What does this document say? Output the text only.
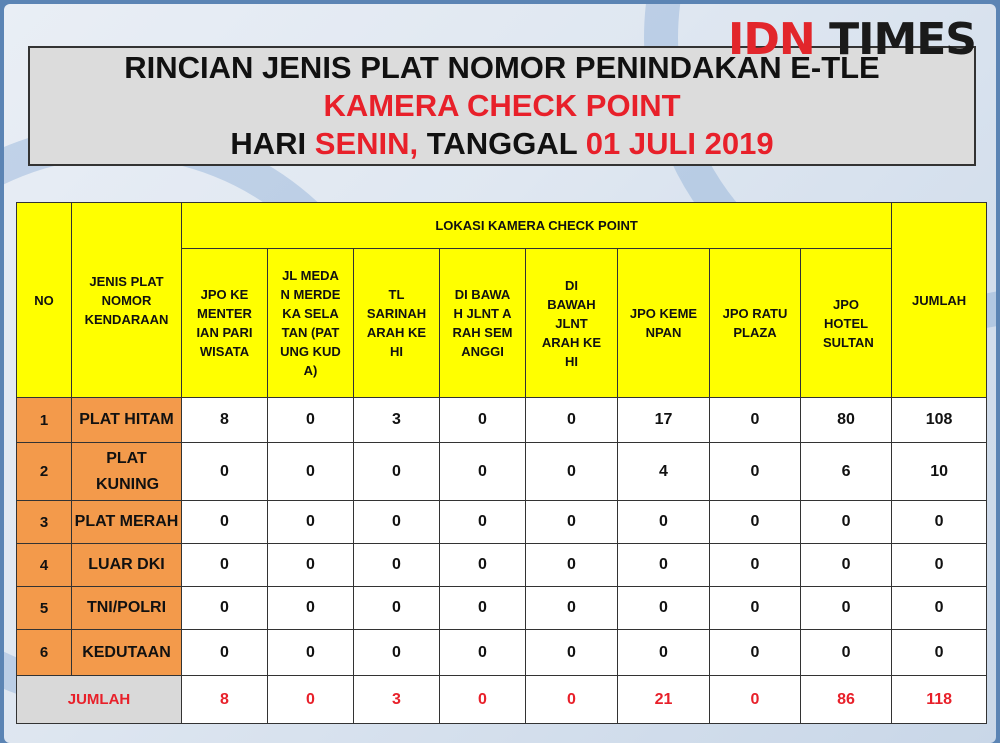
IDN TIMES
RINCIAN JENIS PLAT NOMOR PENINDAKAN E-TLE
KAMERA CHECK POINT
HARI SENIN, TANGGAL 01 JULI 2019
NO	JENIS PLAT NOMOR KENDARAAN	LOKASI KAMERA CHECK POINT								JUMLAH
		JPO KEMENTERIAN PARIWISATA	JL MEDAN MERDEKA SELATAN (PATUNG KUDA)	TL SARINAH ARAH KE HI	DI BAWAH JLNT ARAH SEMANGGI	DI BAWAH JLNT ARAH KE HI	JPO KEMENPAN	JPO RATU PLAZA	JPO HOTEL SULTAN	
1	PLAT HITAM	8	0	3	0	0	17	0	80	108
2	PLAT KUNING	0	0	0	0	0	4	0	6	10
3	PLAT MERAH	0	0	0	0	0	0	0	0	0
4	LUAR DKI	0	0	0	0	0	0	0	0	0
5	TNI/POLRI	0	0	0	0	0	0	0	0	0
6	KEDUTAAN	0	0	0	0	0	0	0	0	0
JUMLAH		8	0	3	0	0	21	0	86	118
